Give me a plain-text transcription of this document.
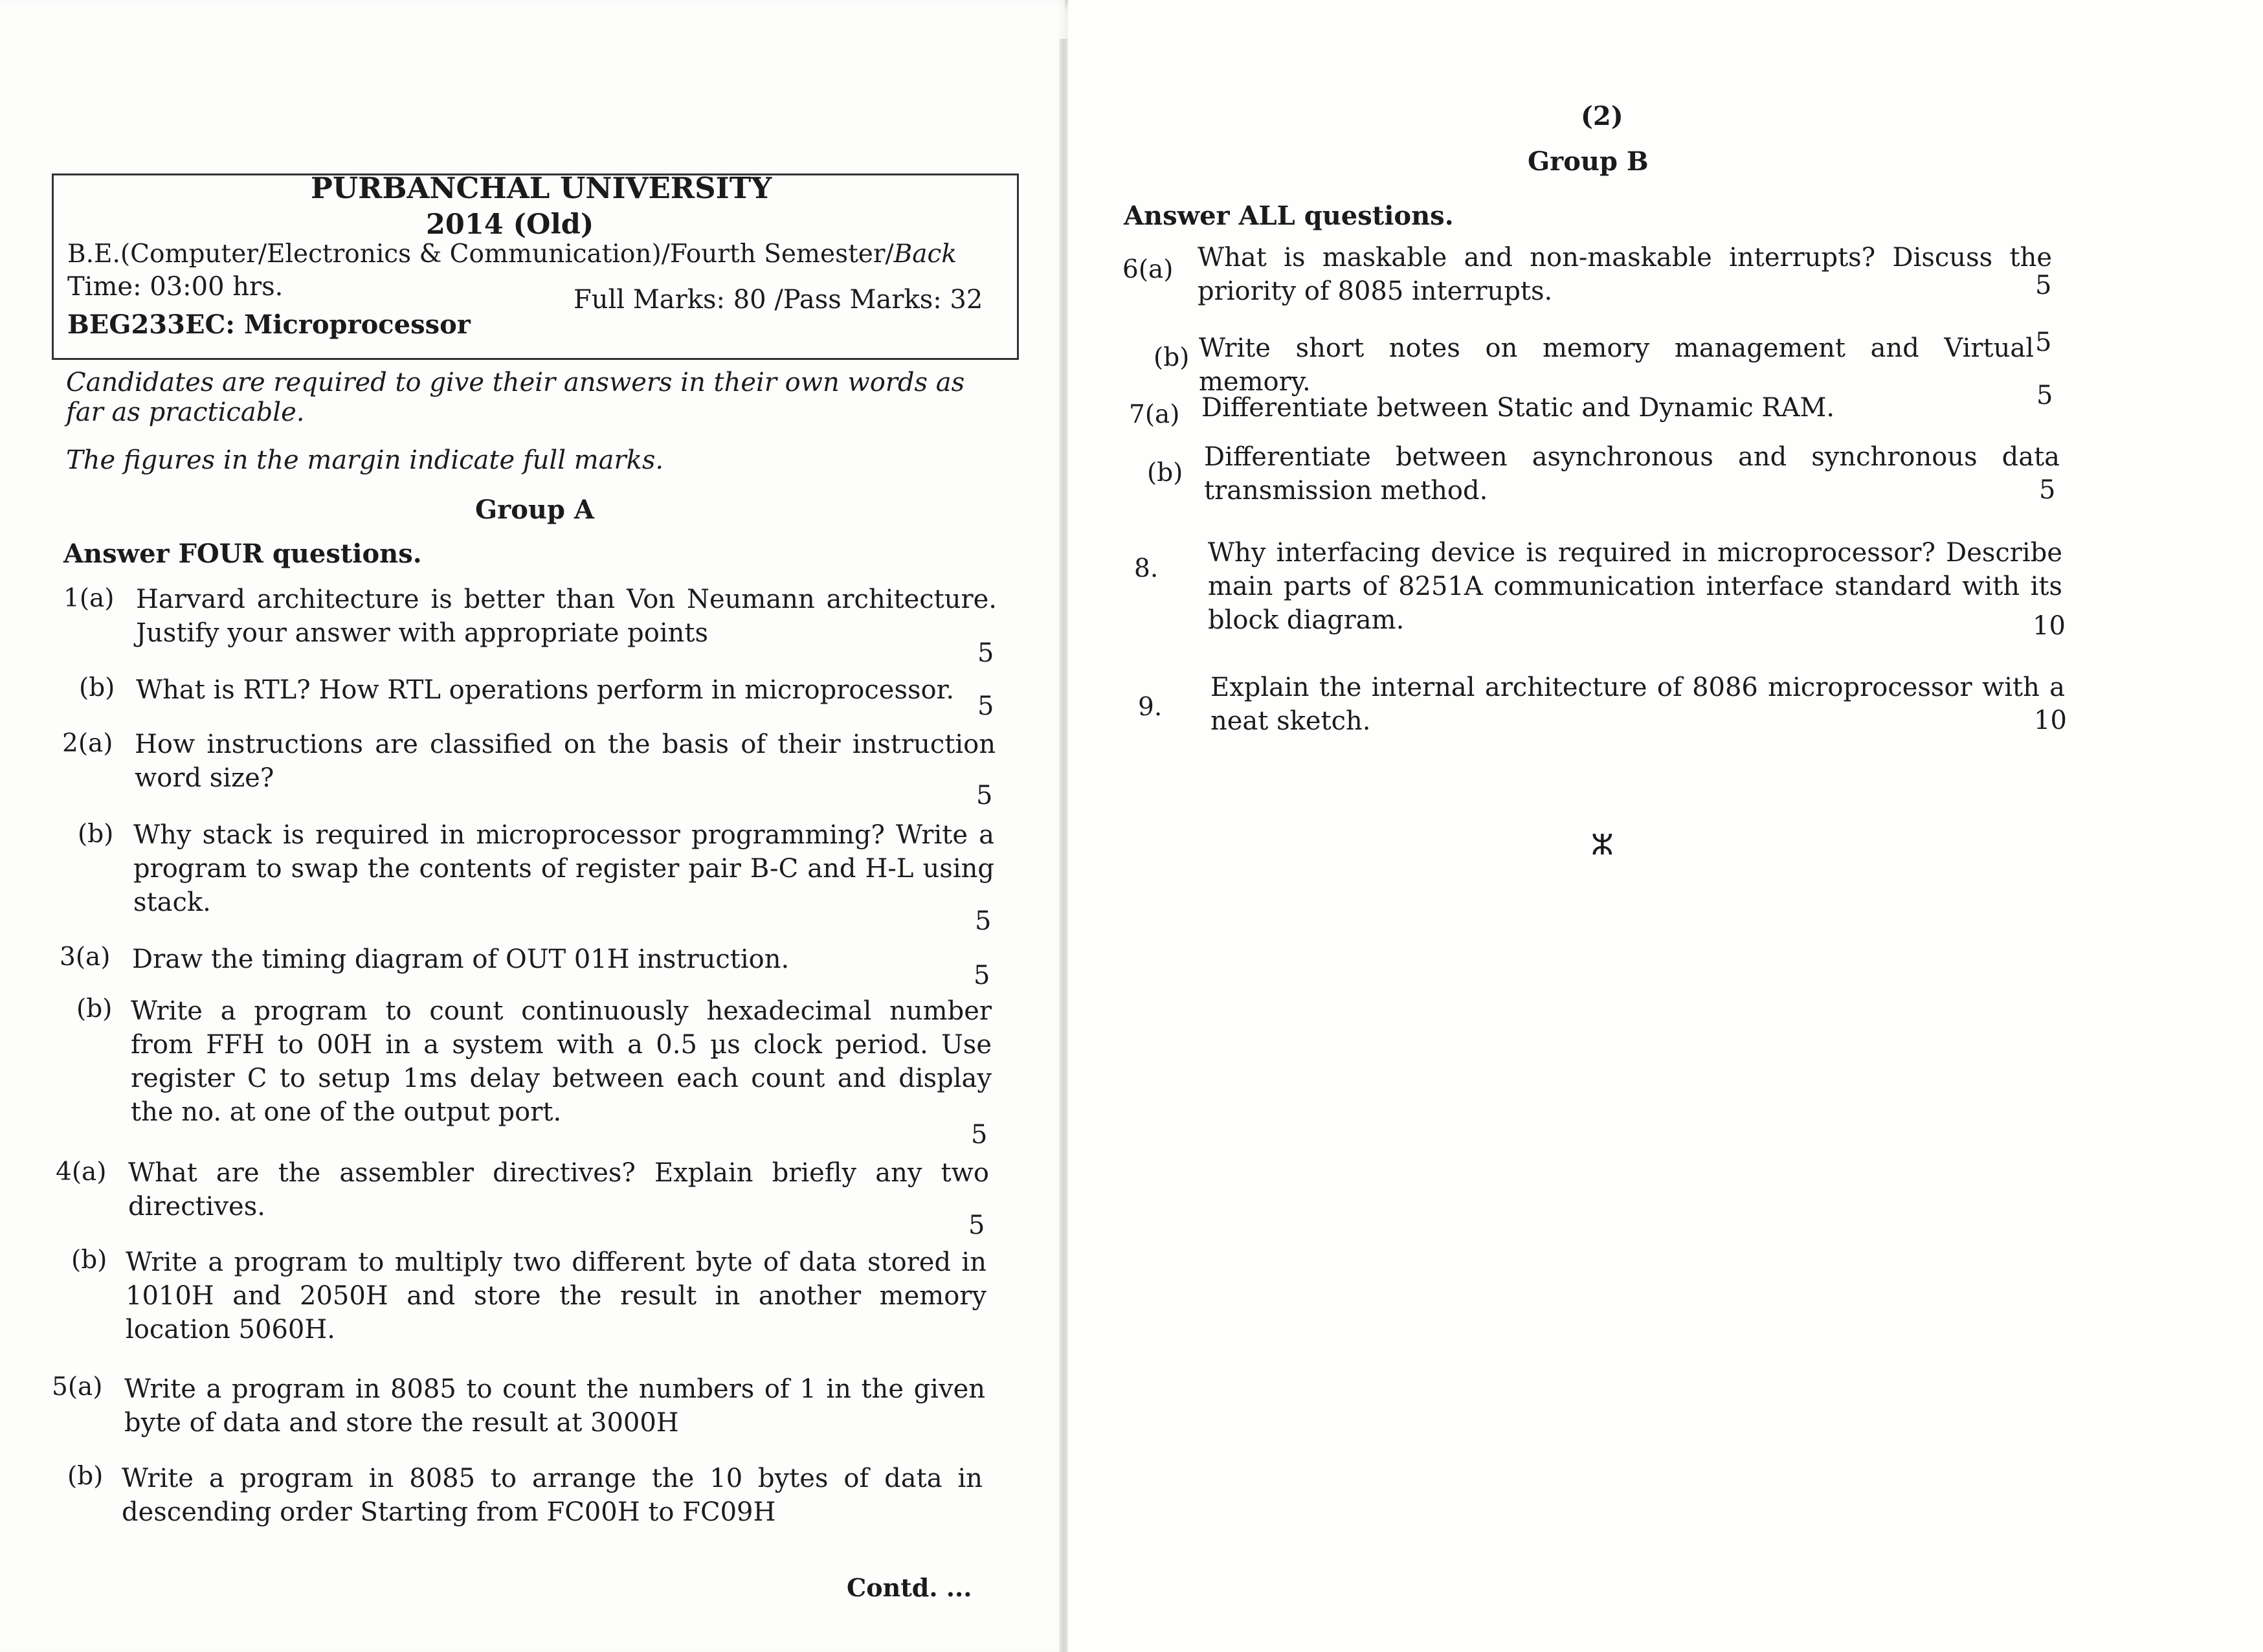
PURBANCHAL UNIVERSITY
2014 (Old)
B.E.(Computer/Electronics & Communication)/Fourth Semester/Back
Time: 03:00 hrs.	Full Marks: 80 /Pass Marks: 32
BEG233EC: Microprocessor
Candidates are required to give their answers in their own words as far as practicable.
The figures in the margin indicate full marks.
Group A
Answer FOUR questions.
1(a) Harvard architecture is better than Von Neumann architecture. Justify your answer with appropriate points
5
(b) What is RTL? How RTL operations perform in microprocessor.
5
2(a) How instructions are classified on the basis of their instruction word size?
5
(b) Why stack is required in microprocessor programming? Write a program to swap the contents of register pair B-C and H-L using stack.
5
3(a) Draw the timing diagram of OUT 01H instruction.
5
(b) Write a program to count continuously hexadecimal number from FFH to 00H in a system with a 0.5 µs clock period. Use register C to setup 1ms delay between each count and display the no. at one of the output port.
5
4(a) What are the assembler directives? Explain briefly any two directives.
5
(b) Write a program to multiply two different byte of data stored in 1010H and 2050H and store the result in another memory location 5060H.
5(a) Write a program in 8085 to count the numbers of 1 in the given byte of data and store the result at 3000H
(b) Write a program in 8085 to arrange the 10 bytes of data in descending order Starting from FC00H to FC09H
Contd. ...
(2)
Group B
Answer ALL questions.
6(a) What is maskable and non-maskable interrupts? Discuss the priority of 8085 interrupts.	5
(b) Write short notes on memory management and Virtual memory.
5
7(a) Differentiate between Static and Dynamic RAM.	5
(b)
Differentiate between asynchronous and synchronous data transmission method.	5
8.
Why interfacing device is required in microprocessor? Describe main parts of 8251A communication interface standard with its block diagram.	10
9.
Explain the internal architecture of 8086 microprocessor with a neat sketch.	10
ⵣ
